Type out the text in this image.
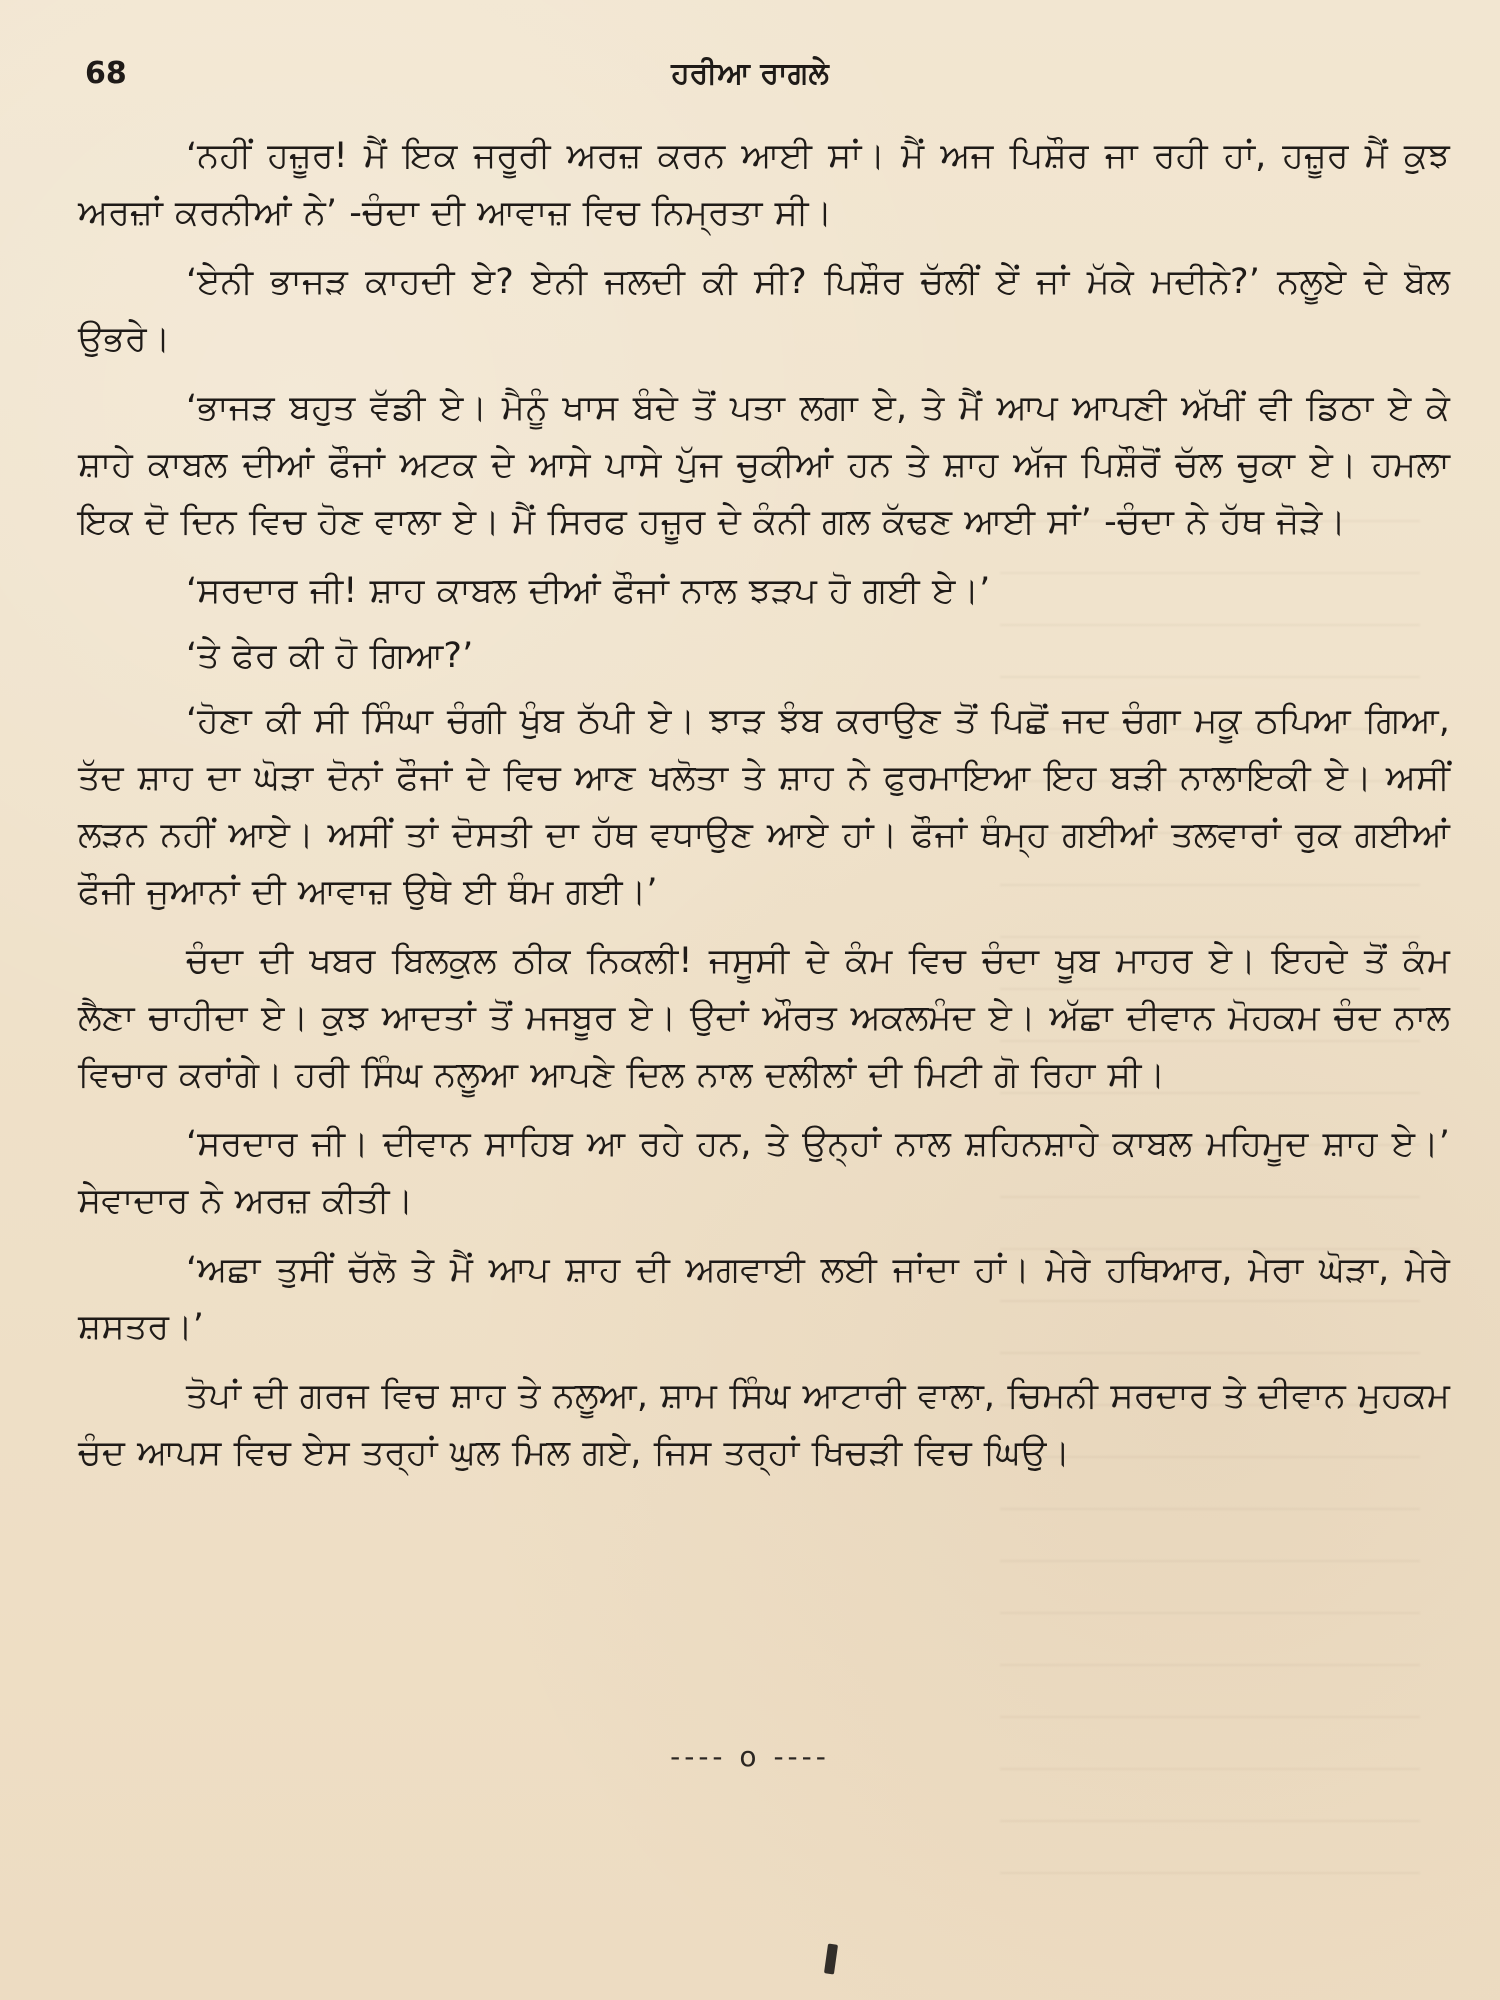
68	ਹਰੀਆ ਰਾਗਲੇ

‘ਨਹੀਂ ਹਜ਼ੂਰ! ਮੈਂ ਇਕ ਜਰੂਰੀ ਅਰਜ਼ ਕਰਨ ਆਈ ਸਾਂ। ਮੈਂ ਅਜ ਪਿਸ਼ੌਰ ਜਾ ਰਹੀ ਹਾਂ, ਹਜ਼ੂਰ ਮੈਂ ਕੁਝ ਅਰਜ਼ਾਂ ਕਰਨੀਆਂ ਨੇ’ -ਚੰਦਾ ਦੀ ਆਵਾਜ਼ ਵਿਚ ਨਿਮ੍ਰਤਾ ਸੀ।

‘ਏਨੀ ਭਾਜੜ ਕਾਹਦੀ ਏ? ਏਨੀ ਜਲਦੀ ਕੀ ਸੀ? ਪਿਸ਼ੌਰ ਚੱਲੀਂ ਏਂ ਜਾਂ ਮੱਕੇ ਮਦੀਨੇ?’ ਨਲੂਏ ਦੇ ਬੋਲ ਉਭਰੇ।

‘ਭਾਜੜ ਬਹੁਤ ਵੱਡੀ ਏ। ਮੈਨੂੰ ਖਾਸ ਬੰਦੇ ਤੋਂ ਪਤਾ ਲਗਾ ਏ, ਤੇ ਮੈਂ ਆਪ ਆਪਣੀ ਅੱਖੀਂ ਵੀ ਡਿਠਾ ਏ ਕੇ ਸ਼ਾਹੇ ਕਾਬਲ ਦੀਆਂ ਫੌਜਾਂ ਅਟਕ ਦੇ ਆਸੇ ਪਾਸੇ ਪੁੱਜ ਚੁਕੀਆਂ ਹਨ ਤੇ ਸ਼ਾਹ ਅੱਜ ਪਿਸ਼ੌਰੋਂ ਚੱਲ ਚੁਕਾ ਏ। ਹਮਲਾ ਇਕ ਦੋ ਦਿਨ ਵਿਚ ਹੋਣ ਵਾਲਾ ਏ। ਮੈਂ ਸਿਰਫ ਹਜ਼ੂਰ ਦੇ ਕੰਨੀ ਗਲ ਕੱਢਣ ਆਈ ਸਾਂ’ -ਚੰਦਾ ਨੇ ਹੱਥ ਜੋੜੇ।

‘ਸਰਦਾਰ ਜੀ! ਸ਼ਾਹ ਕਾਬਲ ਦੀਆਂ ਫੌਜਾਂ ਨਾਲ ਝੜਪ ਹੋ ਗਈ ਏ।’

‘ਤੇ ਫੇਰ ਕੀ ਹੋ ਗਿਆ?’

‘ਹੋਣਾ ਕੀ ਸੀ ਸਿੰਘਾ ਚੰਗੀ ਖੁੰਬ ਠੱਪੀ ਏ। ਝਾੜ ਝੰਬ ਕਰਾਉਣ ਤੋਂ ਪਿਛੋਂ ਜਦ ਚੰਗਾ ਮਕੂ ਠਪਿਆ ਗਿਆ, ਤੱਦ ਸ਼ਾਹ ਦਾ ਘੋੜਾ ਦੋਨਾਂ ਫੌਜਾਂ ਦੇ ਵਿਚ ਆਣ ਖਲੋਤਾ ਤੇ ਸ਼ਾਹ ਨੇ ਫੁਰਮਾਇਆ ਇਹ ਬੜੀ ਨਾਲਾਇਕੀ ਏ। ਅਸੀਂ ਲੜਨ ਨਹੀਂ ਆਏ। ਅਸੀਂ ਤਾਂ ਦੋਸਤੀ ਦਾ ਹੱਥ ਵਧਾਉਣ ਆਏ ਹਾਂ। ਫੌਜਾਂ ਥੰਮ੍ਹ ਗਈਆਂ ਤਲਵਾਰਾਂ ਰੁਕ ਗਈਆਂ ਫੌਜੀ ਜੁਆਨਾਂ ਦੀ ਆਵਾਜ਼ ਉਥੇ ਈ ਥੰਮ ਗਈ।’

ਚੰਦਾ ਦੀ ਖਬਰ ਬਿਲਕੁਲ ਠੀਕ ਨਿਕਲੀ! ਜਸੂਸੀ ਦੇ ਕੰਮ ਵਿਚ ਚੰਦਾ ਖੂਬ ਮਾਹਰ ਏ। ਇਹਦੇ ਤੋਂ ਕੰਮ ਲੈਣਾ ਚਾਹੀਦਾ ਏ। ਕੁਝ ਆਦਤਾਂ ਤੋਂ ਮਜਬੂਰ ਏ। ਉਦਾਂ ਔਰਤ ਅਕਲਮੰਦ ਏ। ਅੱਛਾ ਦੀਵਾਨ ਮੋਹਕਮ ਚੰਦ ਨਾਲ ਵਿਚਾਰ ਕਰਾਂਗੇ। ਹਰੀ ਸਿੰਘ ਨਲੂਆ ਆਪਣੇ ਦਿਲ ਨਾਲ ਦਲੀਲਾਂ ਦੀ ਮਿਟੀ ਗੋ ਰਿਹਾ ਸੀ।

‘ਸਰਦਾਰ ਜੀ। ਦੀਵਾਨ ਸਾਹਿਬ ਆ ਰਹੇ ਹਨ, ਤੇ ਉਨ੍ਹਾਂ ਨਾਲ ਸ਼ਹਿਨਸ਼ਾਹੇ ਕਾਬਲ ਮਹਿਮੂਦ ਸ਼ਾਹ ਏ।’ ਸੇਵਾਦਾਰ ਨੇ ਅਰਜ਼ ਕੀਤੀ।

‘ਅਛਾ ਤੁਸੀਂ ਚੱਲੋ ਤੇ ਮੈਂ ਆਪ ਸ਼ਾਹ ਦੀ ਅਗਵਾਈ ਲਈ ਜਾਂਦਾ ਹਾਂ। ਮੇਰੇ ਹਥਿਆਰ, ਮੇਰਾ ਘੋੜਾ, ਮੇਰੇ ਸ਼ਸਤਰ।’

ਤੋਪਾਂ ਦੀ ਗਰਜ ਵਿਚ ਸ਼ਾਹ ਤੇ ਨਲੂਆ, ਸ਼ਾਮ ਸਿੰਘ ਆਟਾਰੀ ਵਾਲਾ, ਚਿਮਨੀ ਸਰਦਾਰ ਤੇ ਦੀਵਾਨ ਮੁਹਕਮ ਚੰਦ ਆਪਸ ਵਿਚ ਏਸ ਤਰ੍ਹਾਂ ਘੁਲ ਮਿਲ ਗਏ, ਜਿਸ ਤਰ੍ਹਾਂ ਖਿਚੜੀ ਵਿਚ ਘਿਉ।

---- o ----
